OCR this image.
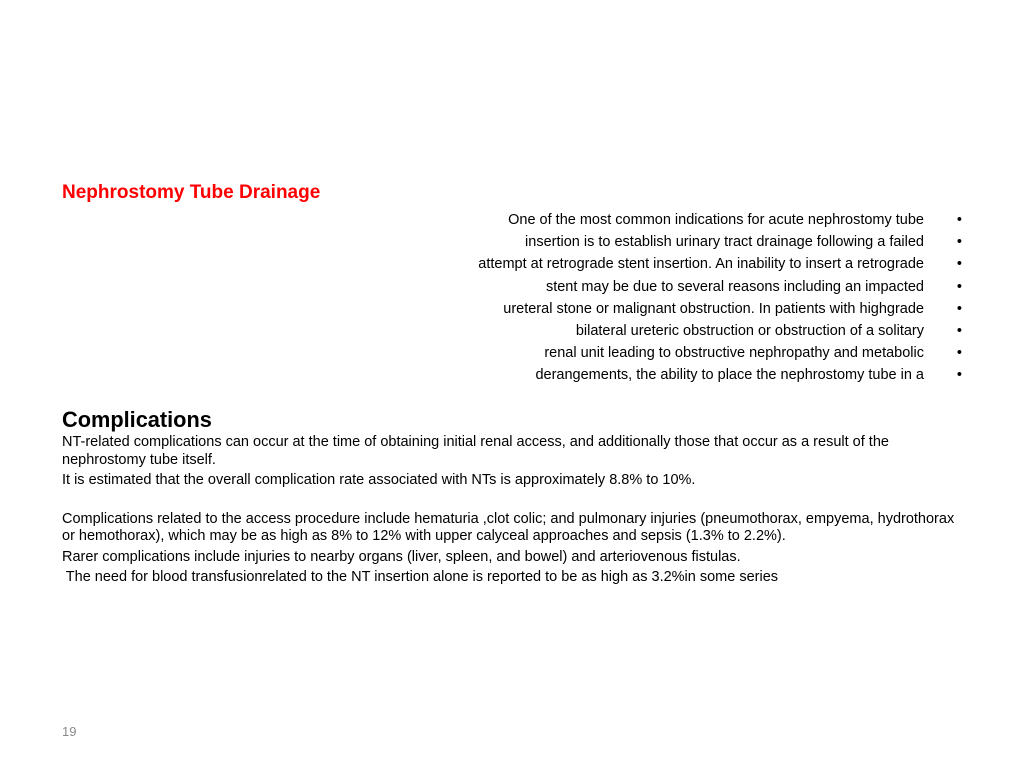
Nephrostomy Tube Drainage
One of the most common indications for acute nephrostomy tube	•
insertion is to establish urinary tract drainage following a failed	•
attempt at retrograde stent insertion. An inability to insert a retrograde	•
stent may be due to several reasons including an impacted	•
ureteral stone or malignant obstruction. In patients with highgrade	•
bilateral ureteric obstruction or obstruction of a solitary	•
renal unit leading to obstructive nephropathy and metabolic	•
derangements, the ability to place the nephrostomy tube in a	•
Complications

NT-related complications can occur at the time of obtaining initial renal access, and additionally those that occur as a result of the nephrostomy tube itself.

It is estimated that the overall complication rate associated with NTs is approximately 8.8% to 10%.

Complications related to the access procedure include hematuria ,clot colic; and pulmonary injuries (pneumothorax, empyema, hydrothorax or hemothorax), which may be as high as 8% to 12% with upper calyceal approaches and sepsis (1.3% to 2.2%).

Rarer complications include injuries to nearby organs (liver, spleen, and bowel) and arteriovenous fistulas.

The need for blood transfusionrelated to the NT insertion alone is reported to be as high as 3.2%in some series

19
